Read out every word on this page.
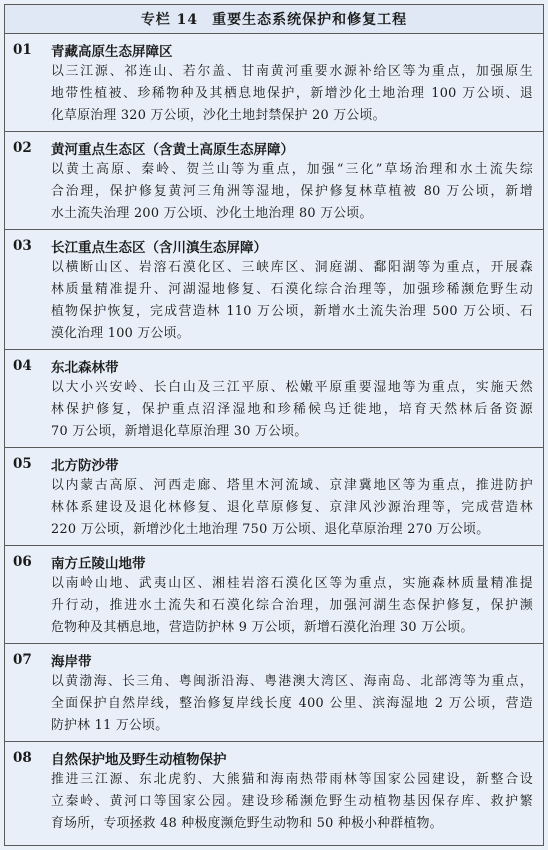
专栏 14 重要生态系统保护和修复工程
01	青藏高原生态屏障区
以三江源、祁连山、若尔盖、甘南黄河重要水源补给区等为重点，加强原生
地带性植被、珍稀物种及其栖息地保护，新增沙化土地治理 100 万公顷、退
化草原治理 320 万公顷，沙化土地封禁保护 20 万公顷。
02	黄河重点生态区（含黄土高原生态屏障）
以黄土高原、秦岭、贺兰山等为重点，加强“三化”草场治理和水土流失综
合治理，保护修复黄河三角洲等湿地，保护修复林草植被 80 万公顷，新增
水土流失治理 200 万公顷、沙化土地治理 80 万公顷。
03	长江重点生态区（含川滇生态屏障）
以横断山区、岩溶石漠化区、三峡库区、洞庭湖、鄱阳湖等为重点，开展森
林质量精准提升、河湖湿地修复、石漠化综合治理等，加强珍稀濒危野生动
植物保护恢复，完成营造林 110 万公顷，新增水土流失治理 500 万公顷、石
漠化治理 100 万公顷。
04	东北森林带
以大小兴安岭、长白山及三江平原、松嫩平原重要湿地等为重点，实施天然
林保护修复，保护重点沼泽湿地和珍稀候鸟迁徙地，培育天然林后备资源
70 万公顷，新增退化草原治理 30 万公顷。
05	北方防沙带
以内蒙古高原、河西走廊、塔里木河流域、京津冀地区等为重点，推进防护
林体系建设及退化林修复、退化草原修复、京津风沙源治理等，完成营造林
220 万公顷，新增沙化土地治理 750 万公顷、退化草原治理 270 万公顷。
06	南方丘陵山地带
以南岭山地、武夷山区、湘桂岩溶石漠化区等为重点，实施森林质量精准提
升行动，推进水土流失和石漠化综合治理，加强河湖生态保护修复，保护濒
危物种及其栖息地，营造防护林 9 万公顷，新增石漠化治理 30 万公顷。
07	海岸带
以黄渤海、长三角、粤闽浙沿海、粤港澳大湾区、海南岛、北部湾等为重点，
全面保护自然岸线，整治修复岸线长度 400 公里、滨海湿地 2 万公顷，营造
防护林 11 万公顷。
08	自然保护地及野生动植物保护
推进三江源、东北虎豹、大熊猫和海南热带雨林等国家公园建设，新整合设
立秦岭、黄河口等国家公园。建设珍稀濒危野生动植物基因保存库、救护繁
育场所，专项拯救 48 种极度濒危野生动物和 50 种极小种群植物。
